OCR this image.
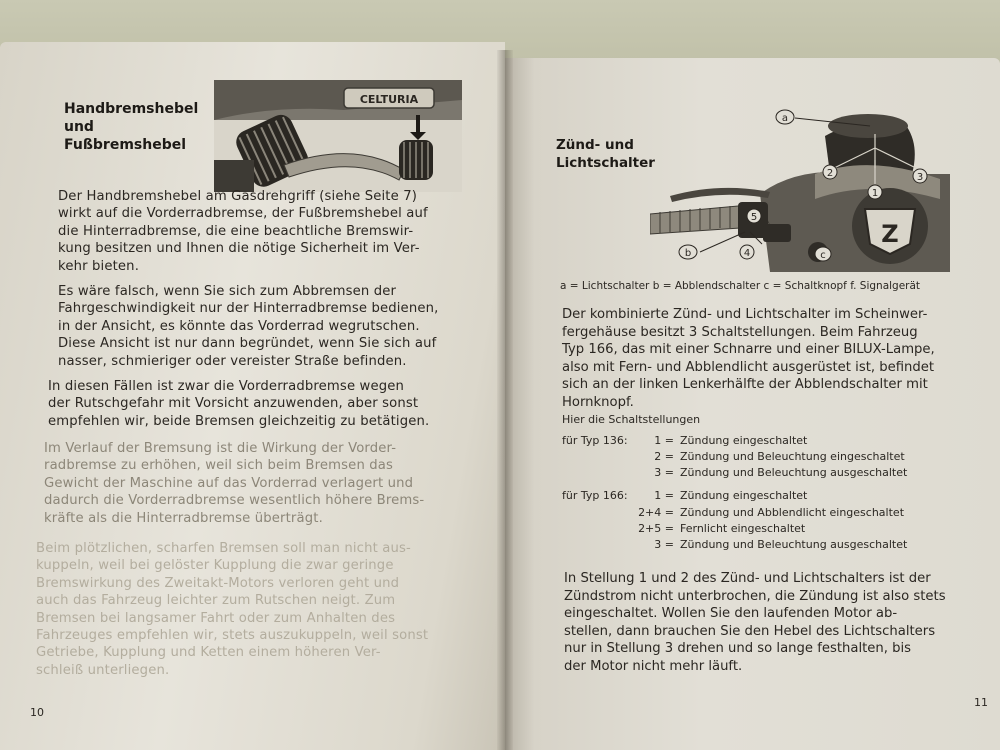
Handbremshebel
und
Fußbremshebel
CELTURIA
Der Handbremshebel am Gasdrehgriff (siehe Seite 7)
wirkt auf die Vorderradbremse, der Fußbremshebel auf
die Hinterradbremse, die eine beachtliche Bremswir-
kung besitzen und Ihnen die nötige Sicherheit im Ver-
kehr bieten.
Es wäre falsch, wenn Sie sich zum Abbremsen der
Fahrgeschwindigkeit nur der Hinterradbremse bedienen,
in der Ansicht, es könnte das Vorderrad wegrutschen.
Diese Ansicht ist nur dann begründet, wenn Sie sich auf
nasser, schmieriger oder vereister Straße befinden.
In diesen Fällen ist zwar die Vorderradbremse wegen
der Rutschgefahr mit Vorsicht anzuwenden, aber sonst
empfehlen wir, beide Bremsen gleichzeitig zu betätigen.
Im Verlauf der Bremsung ist die Wirkung der Vorder-
radbremse zu erhöhen, weil sich beim Bremsen das
Gewicht der Maschine auf das Vorderrad verlagert und
dadurch die Vorderradbremse wesentlich höhere Brems-
kräfte als die Hinterradbremse überträgt.
Beim plötzlichen, scharfen Bremsen soll man nicht aus-
kuppeln, weil bei gelöster Kupplung die zwar geringe
Bremswirkung des Zweitakt-Motors verloren geht und
auch das Fahrzeug leichter zum Rutschen neigt. Zum
Bremsen bei langsamer Fahrt oder zum Anhalten des
Fahrzeuges empfehlen wir, stets auszukuppeln, weil sonst
Getriebe, Kupplung und Ketten einem höheren Ver-
schleiß unterliegen.
10
Zünd- und
Lichtschalter
Z
a
b	c
1
2	3
4
5
a = Lichtschalter b = Abblendschalter c = Schaltknopf f. Signalgerät
Der kombinierte Zünd- und Lichtschalter im Scheinwer-
fergehäuse besitzt 3 Schaltstellungen. Beim Fahrzeug
Typ 166, das mit einer Schnarre und einer BILUX-Lampe,
also mit Fern- und Abblendlicht ausgerüstet ist, befindet
sich an der linken Lenkerhälfte der Abblendschalter mit
Hornknopf.
Hier die Schaltstellungen
für Typ 136:	1 = Zündung eingeschaltet
2 = Zündung und Beleuchtung eingeschaltet
3 = Zündung und Beleuchtung ausgeschaltet
für Typ 166:	1 = Zündung eingeschaltet
2+4 = Zündung und Abblendlicht eingeschaltet
2+5 = Fernlicht eingeschaltet
3 = Zündung und Beleuchtung ausgeschaltet
In Stellung 1 und 2 des Zünd- und Lichtschalters ist der
Zündstrom nicht unterbrochen, die Zündung ist also stets
eingeschaltet. Wollen Sie den laufenden Motor ab-
stellen, dann brauchen Sie den Hebel des Lichtschalters
nur in Stellung 3 drehen und so lange festhalten, bis
der Motor nicht mehr läuft.
11
